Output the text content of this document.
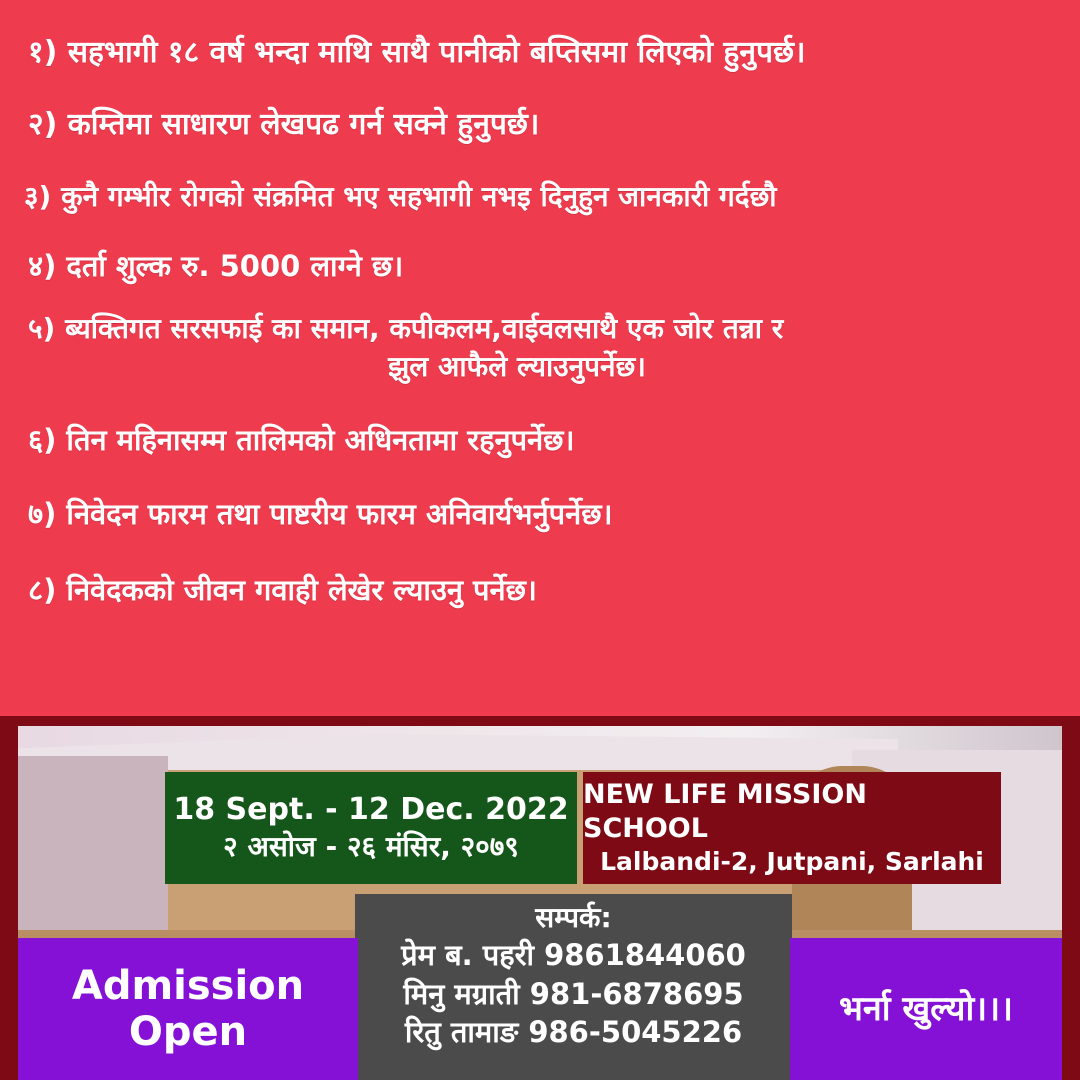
१) सहभागी १८ वर्ष भन्दा माथि साथै पानीको बप्तिसमा लिएको हुनुपर्छ।
२) कम्तिमा साधारण लेखपढ गर्न सक्ने हुनुपर्छ।
३) कुनै गम्भीर रोगको संक्रमित भए सहभागी नभइ दिनुहुन जानकारी गर्दछौ
४) दर्ता शुल्क रु. 5000 लाग्ने छ।
५) ब्यक्तिगत सरसफाई का समान, कपीकलम,वाईवलसाथै एक जोर तन्ना र
झुल आफैले ल्याउनुपर्नेछ।
६) तिन महिनासम्म तालिमको अधिनतामा रहनुपर्नेछ।
७) निवेदन फारम तथा पाष्टरीय फारम अनिवार्यभर्नुपर्नेछ।
८) निवेदकको जीवन गवाही लेखेर ल्याउनु पर्नेछ।
18 Sept. - 12 Dec. 2022
२ असोज - २६ मंसिर, २०७९
NEW LIFE MISSION SCHOOL
Lalbandi-2, Jutpani, Sarlahi
सम्पर्क:
प्रेम ब. पहरी 9861844060
मिनु मग्राती 981-6878695
रितु तामाङ 986-5045226
Admission
Open
भर्ना खुल्यो।।।
